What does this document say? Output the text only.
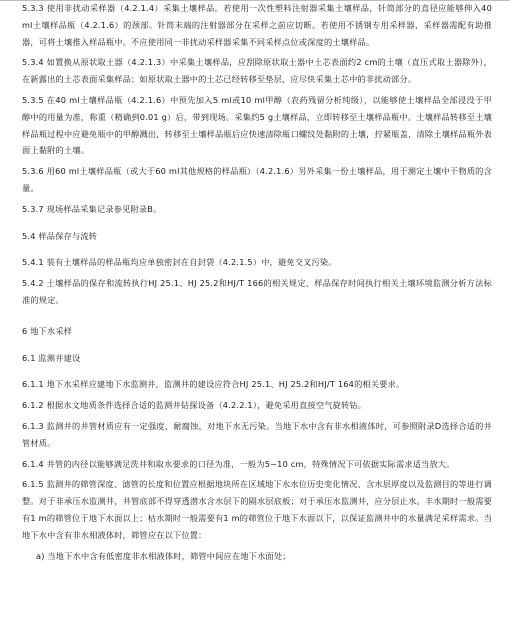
5.3.3 使用非扰动采样器（4.2.1.4）采集土壤样品。若使用一次性塑料注射器采集土壤样品，针筒部分的直径应能够伸入40 ml土壤样品瓶（4.2.1.6）的颈部。针筒末端的注射器部分在采样之前应切断。若使用不锈钢专用采样器，采样器需配有助推器，可将土壤推入样品瓶中。不应使用同一非扰动采样器采集不同采样点位或深度的土壤样品。

5.3.4 如置换从原状取土器（4.2.1.3）中采集土壤样品，应刮除原状取土器中土芯表面约2 cm的土壤（直压式取土器除外），在新露出的土芯表面采集样品；如原状取土器中的土芯已经转移至垫层，应尽快采集土芯中的非扰动部分。

5.3.5 在40 ml土壤样品瓶（4.2.1.6）中预先加入5 ml或10 ml甲醇（农药残留分析纯级），以能够使土壤样品全部浸没于甲醇中的用量为准，称重（精确到0.01 g）后，带到现场。采集约5 g土壤样品，立即转移至土壤样品瓶中。土壤样品转移至土壤样品瓶过程中应避免瓶中的甲醇溅出，转移至土壤样品瓶后应快速清除瓶口螺纹处黏附的土壤，拧紧瓶盖，清除土壤样品瓶外表面上黏附的土壤。

5.3.6 用60 ml土壤样品瓶（或大于60 ml其他规格的样品瓶）（4.2.1.6）另外采集一份土壤样品，用于测定土壤中干物质的含量。

5.3.7 现场样品采集记录参见附录B。

5.4 样品保存与流转

5.4.1 装有土壤样品的样品瓶均应单独密封在自封袋（4.2.1.5）中，避免交叉污染。

5.4.2 土壤样品的保存和流转执行HJ 25.1、HJ 25.2和HJ/T 166的相关规定，样品保存时间执行相关土壤环境监测分析方法标准的规定。

6 地下水采样

6.1 监测井建设

6.1.1 地下水采样应建地下水监测井，监测井的建设应符合HJ 25.1、HJ 25.2和HJ/T 164的相关要求。

6.1.2 根据水文地质条件选择合适的监测井钻探设备（4.2.2.1），避免采用直接空气旋转钻。

6.1.3 监测井的井管材质应有一定强度，耐腐蚀，对地下水无污染。当地下水中含有非水相液体时，可参照附录D选择合适的井管材质。

6.1.4 井管的内径以能够满足洗井和取水要求的口径为准，一般为5~10 cm，特殊情况下可依据实际需求适当放大。

6.1.5 监测井的筛管深度、滤管的长度和位置应根据地块所在区域地下水水位历史变化情况、含水层厚度以及监测目的等进行调整。对于非承压水监测井，井管底部不得穿透潜水含水层下的隔水层底板；对于承压水监测井，应分层止水。丰水期时一般需要有1 m的筛管位于地下水面以上；枯水期时一般需要有1 m的筛管位于地下水面以下，以保证监测井中的水量满足采样需求。当地下水中含有非水相液体时，筛管应在以下位置：

a) 当地下水中含有低密度非水相液体时，筛管中间应在地下水面处；
